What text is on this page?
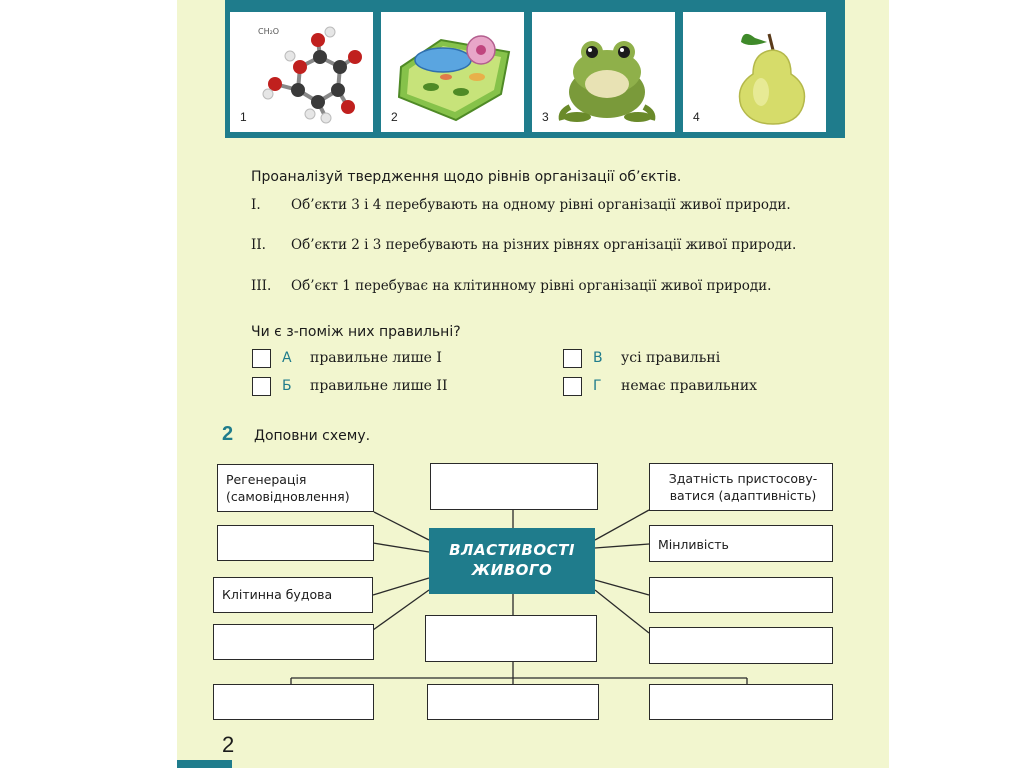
CH₂O
1	2	3	4
Проаналізуй твердження щодо рівнів організації об’єктів.
I.	Об’єкти 3 і 4 перебувають на одному рівні організації живої природи.
II.	Об’єкти 2 і 3 перебувають на різних рівнях організації живої природи.
III.	Об’єкт 1 перебуває на клітинному рівні організації живої природи.
Чи є з-поміж них правильні?
А правильне лише I
Б правильне лише II
В усі правильні
Г немає правильних
2 Доповни схему.
Регенерація (самовідновлення)
Клітинна будова
ВЛАСТИВОСТІ ЖИВОГО
Здатність пристосову-ватися (адаптивність)
Мінливість
2
